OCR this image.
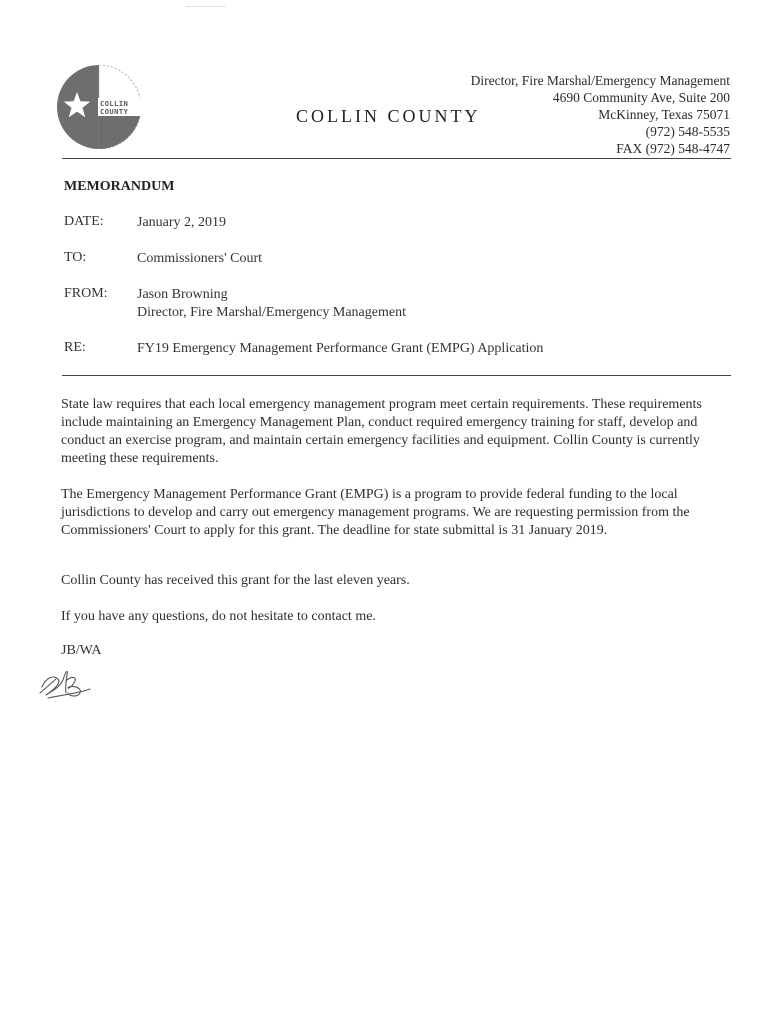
COLLIN
COUNTY	COLLIN COUNTY
Director, Fire Marshal/Emergency Management
4690 Community Ave, Suite 200
McKinney, Texas 75071
(972) 548-5535
FAX (972) 548-4747
MEMORANDUM
DATE:	January 2, 2019
TO:	Commissioners' Court
FROM:	Jason Browning
Director, Fire Marshal/Emergency Management
RE:	FY19 Emergency Management Performance Grant (EMPG) Application

State law requires that each local emergency management program meet certain requirements. These requirements include maintaining an Emergency Management Plan, conduct required emergency training for staff, develop and conduct an exercise program, and maintain certain emergency facilities and equipment. Collin County is currently meeting these requirements.

The Emergency Management Performance Grant (EMPG) is a program to provide federal funding to the local jurisdictions to develop and carry out emergency management programs. We are requesting permission from the Commissioners' Court to apply for this grant. The deadline for state submittal is 31 January 2019.

Collin County has received this grant for the last eleven years.

If you have any questions, do not hesitate to contact me.

JB/WA
